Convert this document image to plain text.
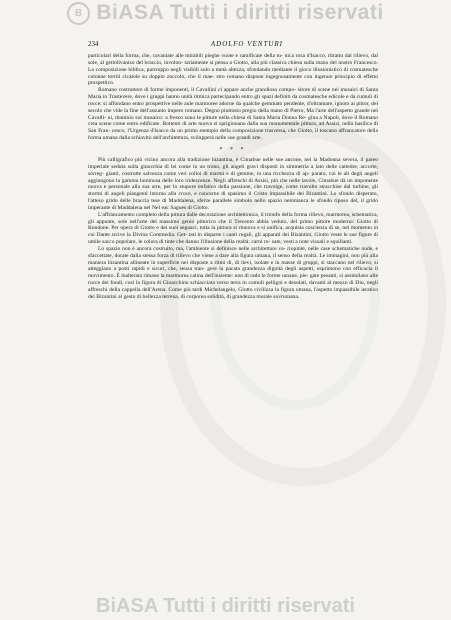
B BiASA Tutti i diritti riservati
234	ADOLFO VENTURI

particolari della forma, che, cavaniate alle mirabili pieghe vuote e ramificate della tu- nica rosa d'Isacco, ritratto dal rilievo, dal sole, al gettolivaniso del braccio, involon- tariamente si pensa a Giotto, alla più classica chiesa sulla mano del nostro Francesco. La composizione biblica, purtroppo negli visibili solo a metà altezza, sfondando mediante il gioco illusionistico di cosmatesche colonne tortili cicatole su doppio zoccolo, che il mae- stro romano dispone ingegnosamente con ingenuo principio di effetto prospettico.

Romano costruttore di forme imponenti, il Cavallini ci appare anche grandioso compo- sitore di scene nei musaici di Santa Maria in Trastevere, dove i gruppi hanno unità ritmica partecipando entro gli spazi definiti da cosmatesche edicole e da cumuli di rocce; si affondano entro prospettive nelle aule marmoree adorne da qualche gemmato pendente, d'oltramare, ignoto ai pittor, del secolo che vide la fine dell'assunto impero romano. Degno piuttosto pregio della mano di Pietro, Ma l'arte dell'aspetto grande nel Cavalli- ni, dominio sul musaico: a fresco sono le pitture nella chiesa di Santa Maria Donna Re- gina a Napoli, dove il Romano crea scene come entro edificate. Bottenti di arte nuova si sprigionano dalla sua monumentale pittura, ad Assisi, nella basilica di San Fran- cesco, l'Urgenza d'Isacco da un primo esempio della composizione trasversa, che Giotto, il toscano affrancatore della forma umana dalla schiavitù dell'architettura, svilupperà nelle sue grandi arte.

* * *

Più calligrafico più vicino ancora alla tradizione bizantina, è Cimabue nelle sue ancone, nei la Madonna severa, il pareo imperiale seduta sulla ginocchia di lei come in un trono, gli angeli gravi disposti in simmetria a lato delle cattedre, accorte, sorreg- gianti, costrutte salvezza come veri colloi di marmi e di gemme, in una ricchezza di ap- parato, cui le ali degli angeli aggiungono la gamma luminosa delle loro iridescenze. Negli affreschi di Assisi, più che nelle tavole, Cimabue dà un imponente nuova e personale alla sua arte, per lo stupore enfatico della passione, che travolge, come travolto stracchise dal turbine, gli stormi di angeli piangenti intorno alla croce, e concerne di spasimo il Cristo impassibile dei Bizantini. Lo sfondo disperato, l'atteso grido delle braccia tese di Maddalena, sferze parallele simbolo nello spazio nemmanca le sfondo riposo del, il grido imperante di Maddalena nel Nel eac Sagues di Giotto.

L'affrancamento completo della pittura dalle decorazione architettonica, il trionfo della forma rilievo, marmorea, schematica, gli appunte, sole nell'arte del massimo genio pittorico che il Trecento abbia veduto, del primo pittore moderno: Giotto di Bondone. Per opera di Giotto e dei suoi seguaci, tutta la pittura si rinnova e si unifica, acquista coscienza di se, nel momento in cui Dante scrive la Divina Commedia. Get- tati in disparte i canti regali, gli apparati dei Bizantini, Giotto veste le sue figure di umile sacco popolare, le colora di tinte che danno l'illusione della realtà: carni ro- sate, vesti a note visuali e squillanti.

Lo spazio non è ancora costruito, ma, l'ambiente si definisce nelle architetture va- riopinte, nelle case schematiche nude, e sfaccettate, dorate dalla stessa forza di rilievo che viene a dare alla figura umana, il senso della realtà. Le immagini, non più alla maniera bizantina allineate in superficie nei disposte a ritmi di, di lievi, isolate e in masse di gruppi, si staccano nel rilievo, si atteggiano a posti rapidi e sicuri, che, senza tran- gere la pacata grandezza dignità degli aspetti, esprimono con efficacia il movimento. È inalterata rimane la marmorea calma dell'insieme: non di rado le forme umane, pie- gate pesanti, si assimilano alle rocce dei fondi, così la figura di Gioacchino schiacciata verso terra in cumuli pelligni e desolati, davanti al mezzo di Dio, negli affreschi della cappella dell'Arena. Come più tardi Michelangelo, Giotto civilizza la figura umana, l'aspetto impassibile ieratico dei Bizantini al gesto di bellezza terrena, di corporea solidità, di grandezza morale sovrumana.

BiASA Tutti i diritti riservati
